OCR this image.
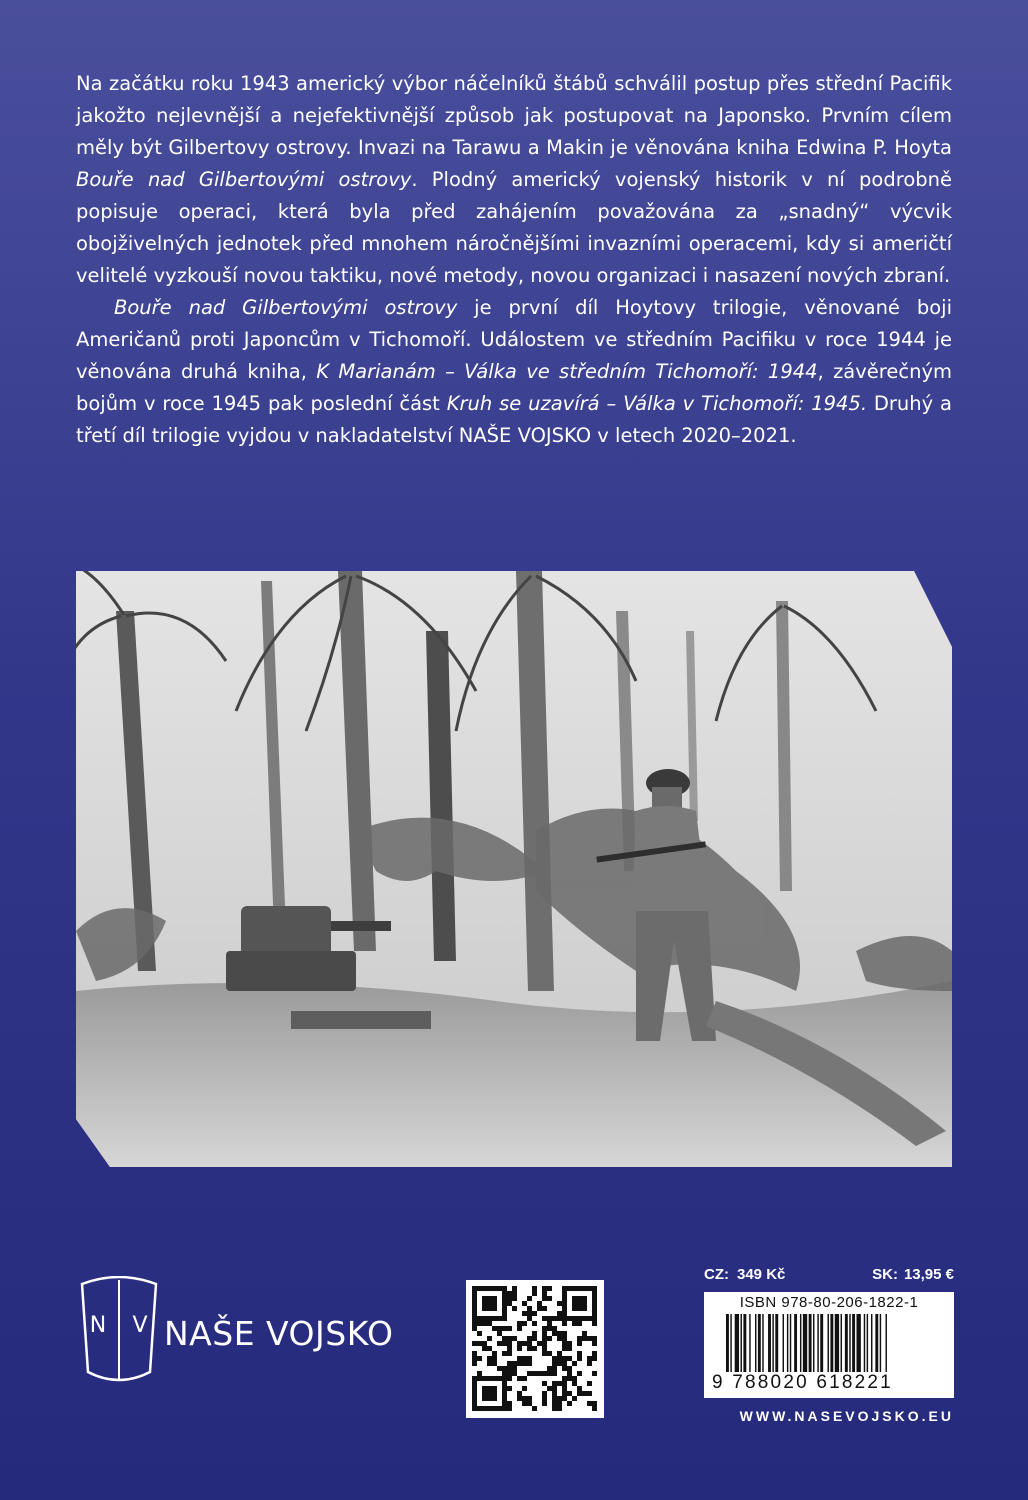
Na začátku roku 1943 americký výbor náčelníků štábů schválil postup přes střední Pacifik jakožto nejlevnější a nejefektivnější způsob jak postupovat na Japonsko. Prvním cílem měly být Gilbertovy ostrovy. Invazi na Tarawu a Makin je věnována kniha Edwina P. Hoyta Bouře nad Gilbertovými ostrovy. Plodný americký vojenský historik v ní podrobně popisuje operaci, která byla před zahájením považována za „snadný“ výcvik obojživelných jednotek před mnohem náročnějšími invazními operacemi, kdy si američtí velitelé vyzkouší novou taktiku, nové metody, novou organizaci i nasazení nových zbraní.

Bouře nad Gilbertovými ostrovy je první díl Hoytovy trilogie, věnované boji Američanů proti Japoncům v Tichomoří. Událostem ve středním Pacifiku v roce 1944 je věnována druhá kniha, K Marianám – Válka ve středním Tichomoří: 1944, závěrečným bojům v roce 1945 pak poslední část Kruh se uzavírá – Válka v Tichomoří: 1945. Druhý a třetí díl trilogie vyjdou v nakladatelství NAŠE VOJSKO v letech 2020–2021.

N V NAŠE VOJSKO
CZ: 349 Kč	SK: 13,95 €
ISBN 978-80-206-1822-1
9 788020 618221
WWW.NASEVOJSKO.EU
